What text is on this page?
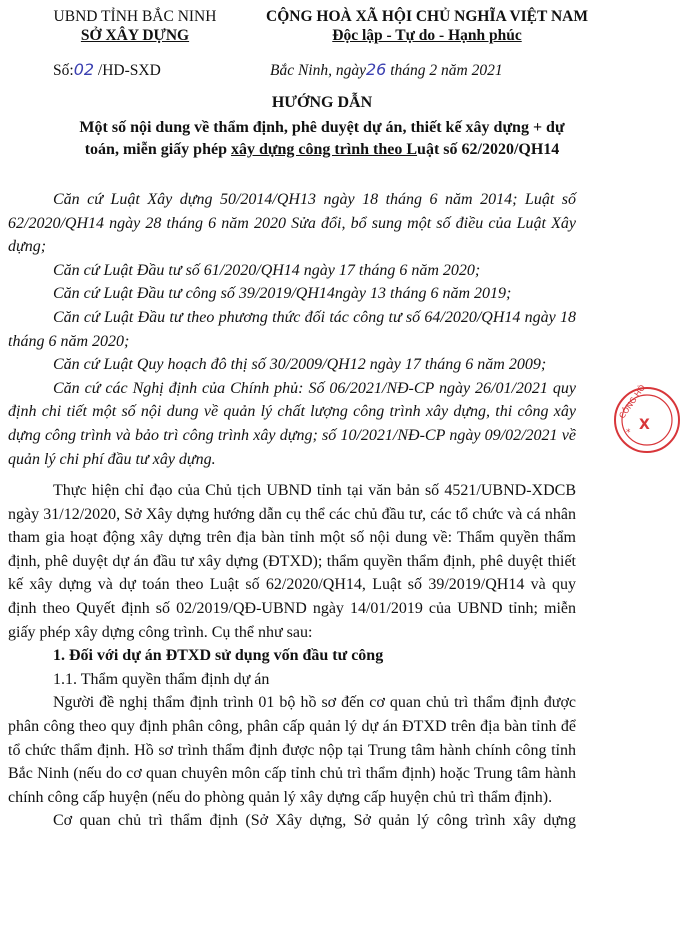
UBND TỈNH BẮC NINH
SỞ XÂY DỰNG
CỘNG HOÀ XÃ HỘI CHỦ NGHĨA VIỆT NAM
Độc lập - Tự do - Hạnh phúc
Số:02 /HD-SXD	Bắc Ninh, ngày26 tháng 2 năm 2021
HƯỚNG DẪN
Một số nội dung về thẩm định, phê duyệt dự án, thiết kế xây dựng + dự
toán, miễn giấy phép xây dựng công trình theo Luật số 62/2020/QH14

Căn cứ Luật Xây dựng 50/2014/QH13 ngày 18 tháng 6 năm 2014; Luật số 62/2020/QH14 ngày 28 tháng 6 năm 2020 Sửa đổi, bổ sung một số điều của Luật Xây dựng;

Căn cứ Luật Đầu tư số 61/2020/QH14 ngày 17 tháng 6 năm 2020;

Căn cứ Luật Đầu tư công số 39/2019/QH14ngày 13 tháng 6 năm 2019;

Căn cứ Luật Đầu tư theo phương thức đối tác công tư số 64/2020/QH14 ngày 18 tháng 6 năm 2020;

Căn cứ Luật Quy hoạch đô thị số 30/2009/QH12 ngày 17 tháng 6 năm 2009;

Căn cứ các Nghị định của Chính phủ: Số 06/2021/NĐ-CP ngày 26/01/2021 quy định chi tiết một số nội dung về quản lý chất lượng công trình xây dựng, thi công xây dựng công trình và bảo trì công trình xây dựng; số 10/2021/NĐ-CP ngày 09/02/2021 về quản lý chi phí đầu tư xây dựng.

Thực hiện chỉ đạo của Chủ tịch UBND tỉnh tại văn bản số 4521/UBND-XDCB ngày 31/12/2020, Sở Xây dựng hướng dẫn cụ thể các chủ đầu tư, các tổ chức và cá nhân tham gia hoạt động xây dựng trên địa bàn tỉnh một số nội dung về: Thẩm quyền thẩm định, phê duyệt dự án đầu tư xây dựng (ĐTXD); thẩm quyền thẩm định, phê duyệt thiết kế xây dựng và dự toán theo Luật số 62/2020/QH14, Luật số 39/2019/QH14 và quy định theo Quyết định số 02/2019/QĐ-UBND ngày 14/01/2019 của UBND tỉnh; miễn giấy phép xây dựng công trình. Cụ thể như sau:

1. Đối với dự án ĐTXD sử dụng vốn đầu tư công

1.1. Thẩm quyền thẩm định dự án

Người đề nghị thẩm định trình 01 bộ hồ sơ đến cơ quan chủ trì thẩm định được phân công theo quy định phân công, phân cấp quản lý dự án ĐTXD trên địa bàn tỉnh để tổ chức thẩm định. Hồ sơ trình thẩm định được nộp tại Trung tâm hành chính công tỉnh Bắc Ninh (nếu do cơ quan chuyên môn cấp tỉnh chủ trì thẩm định) hoặc Trung tâm hành chính công cấp huyện (nếu do phòng quản lý xây dựng cấp huyện chủ trì thẩm định).

Cơ quan chủ trì thẩm định (Sở Xây dựng, Sở quản lý công trình xây dựng

CÔNG HÒ
* X
